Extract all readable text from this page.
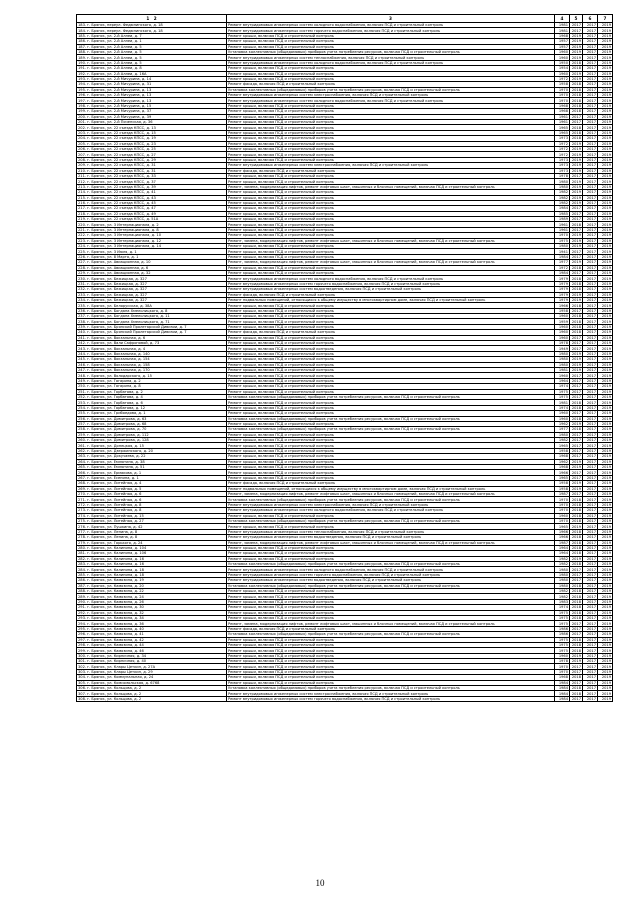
1 2	3	4	5	6	7
183. г. Брянск, переул. Федюнинского, д. 18	Ремонт внутридомовых инженерных систем холодного водоснабжения, включая ПСД и строительный контроль	1981	2017	2017	2019
184. г. Брянск, переул. Федюнинского, д. 18	Ремонт внутридомовых инженерных систем горячего водоснабжения, включая ПСД и строительный контроль	1981	2017	2017	2019
185. г. Брянск, ул. 2-й Аллеи, д. 7	Ремонт крыши, включая ПСД и строительный контроль	1968	2019	2017	2019
186. г. Брянск, ул. 2-й Аллеи, д. 1	Ремонт крыши, включая ПСД и строительный контроль	1957	2019	2017	2019
187. г. Брянск, ул. 2-й Аллеи, д. 5	Ремонт крыши, включая ПСД и строительный контроль	1957	2019	2017	2019
188. г. Брянск, ул. 2-й Аллеи, д. 5	Установка коллективных (общедомовых) приборов учета потребления ресурсов, включая ПСД и строительный контроль	1960	2019	2017	2019
189. г. Брянск, ул. 2-й Аллеи, д. 5	Ремонт внутридомовых инженерных систем теплоснабжения, включая ПСД и строительный контроль	1960	2019	2017	2019
190. г. Брянск, ул. 2-й Аллеи, д. 5	Ремонт внутридомовых инженерных систем холодного водоснабжения, включая ПСД и строительный контроль	1950	2018	2017	2019
191. г. Брянск, ул. 2-й Аллеи, д. 8	Ремонт крыши, включая ПСД и строительный контроль	1954	2018	2017	2019
192. г. Брянск, ул. 2-й Аллеи, д. 16А	Ремонт крыши, включая ПСД и строительный контроль	1960	2019	2017	2019
193. г. Брянск, ул. 2-й Мичурина, д. 14	Ремонт крыши, включая ПСД и строительный контроль	1972	2019	2017	2019
194. г. Брянск, ул. 2-й Мичурина, д. 31	Ремонт фасада, включая ПСД и строительный контроль	1958	2018	2017	2019
195. г. Брянск, ул. 2-й Мичурина, д. 13	Установка коллективных (общедомовых) приборов учета потребления ресурсов, включая ПСД и строительный контроль	1970	2018	2017	2019
196. г. Брянск, ул. 2-й Мичурина, д. 13	Ремонт внутридомовых инженерных систем электроснабжения, включая ПСД и строительный контроль	1970	2018	2017	2019
197. г. Брянск, ул. 2-й Мичурина, д. 13	Ремонт внутридомовых инженерных систем холодного водоснабжения, включая ПСД и строительный контроль	1970	2018	2017	2019
198. г. Брянск, ул. 2-й Мичурина, д. 15	Ремонт крыши, включая ПСД и строительный контроль	1968	2018	2017	2019
199. г. Брянск, ул. 2-й Мичурина, д. 37	Ремонт крыши, включая ПСД и строительный контроль	1968	2018	2017	2019
200. г. Брянск, ул. 2-й Мичурина, д. 39	Ремонт крыши, включая ПСД и строительный контроль	1961	2017	2017	2019
201. г. Брянск, ул. 2-й Почепская, д. 36	Ремонт крыши, включая ПСД и строительный контроль	1961	2017	2017	2019
202. г. Брянск, ул. 22 съезда КПСС, д. 13	Ремонт крыши, включая ПСД и строительный контроль	1965	2018	2017	2019
203. г. Брянск, ул. 22 съезда КПСС, д. 15	Ремонт крыши, включая ПСД и строительный контроль	1965	2018	2017	2019
204. г. Брянск, ул. 22 съезда КПСС, д. 19	Ремонт крыши, включая ПСД и строительный контроль	1973	2018	2017	2019
205. г. Брянск, ул. 22 съезда КПСС, д. 23	Ремонт крыши, включая ПСД и строительный контроль	1972	2019	2017	2019
206. г. Брянск, ул. 22 съезда КПСС, д. 25	Ремонт крыши, включая ПСД и строительный контроль	1972	2019	2017	2019
207. г. Брянск, ул. 22 съезда КПСС, д. 27	Ремонт крыши, включая ПСД и строительный контроль	1972	2019	2017	2019
208. г. Брянск, ул. 22 съезда КПСС, д. 29	Ремонт крыши, включая ПСД и строительный контроль	1973	2019	2017	2019
209. г. Брянск, ул. 22 съезда КПСС, д. 31	Ремонт внутридомовых инженерных систем электроснабжения, включая ПСД и строительный контроль	1973	2019	2017	2019
210. г. Брянск, ул. 22 съезда КПСС, д. 31	Ремонт фасада, включая ПСД и строительный контроль	1973	2019	2017	2019
211. г. Брянск, ул. 22 съезда КПСС, д. 33	Ремонт крыши, включая ПСД и строительный контроль	1978	2017	2017	2019
212. г. Брянск, ул. 22 съезда КПСС, д. 37	Ремонт крыши, включая ПСД и строительный контроль	1980	2019	2017	2019
213. г. Брянск, ул. 22 съезда КПСС, д. 39	Ремонт, замена, модернизация лифтов, ремонт лифтовых шахт, машинных и блочных помещений, включая ПСД и строительный контроль	1980	2019	2017	2019
214. г. Брянск, ул. 22 съезда КПСС, д. 41	Ремонт крыши, включая ПСД и строительный контроль	1982	2019	2017	2019
215. г. Брянск, ул. 22 съезда КПСС, д. 43	Ремонт крыши, включая ПСД и строительный контроль	1982	2019	2017	2019
216. г. Брянск, ул. 22 съезда КПСС, д. 45	Ремонт крыши, включая ПСД и строительный контроль	1982	2019	2017	2019
217. г. Брянск, ул. 22 съезда КПСС, д. 47	Ремонт крыши, включая ПСД и строительный контроль	1984	2017	2017	2019
218. г. Брянск, ул. 22 съезда КПСС, д. 49	Ремонт крыши, включая ПСД и строительный контроль	1985	2017	2017	2019
219. г. Брянск, ул. 22 съезда КПСС, д. 51А	Ремонт крыши, включая ПСД и строительный контроль	1989	2017	2017	2019
220. г. Брянск, ул. 3 Интернационала, д. 2	Ремонт крыши, включая ПСД и строительный контроль	1961	2018	2017	2019
221. г. Брянск, ул. 3 Интернационала, д. 8	Ремонт крыши, включая ПСД и строительный контроль	1961	2017	2017	2019
222. г. Брянск, ул. 3 Интернационала, д. 10	Ремонт крыши, включая ПСД и строительный контроль	1970	2019	2017	2019
223. г. Брянск, ул. 3 Интернационала, д. 12	Ремонт, замена, модернизация лифтов, ремонт лифтовых шахт, машинных и блочных помещений, включая ПСД и строительный контроль	1975	2019	2017	2019
224. г. Брянск, ул. 3 Интернационала, д. 14	Ремонт крыши, включая ПСД и строительный контроль	1980	2019	2017	2019
225. г. Брянск, ул. 3 Июля, д. 1	Ремонт крыши, включая ПСД и строительный контроль	1941	2017	2017	2019
226. г. Брянск, ул. 8 Марта, д. 1	Ремонт крыши, включая ПСД и строительный контроль	1984	2017	2017	2019
227. г. Брянск, ул. Авиационная, д. 10	Ремонт, замена, модернизация лифтов, ремонт лифтовых шахт, машинных и блочных помещений, включая ПСД и строительный контроль	1977	2019	2017	2019
228. г. Брянск, ул. Авиационная, д. 6	Ремонт крыши, включая ПСД и строительный контроль	1972	2018	2017	2019
229. г. Брянск, ул. Авиационная, д. 32	Ремонт крыши, включая ПСД и строительный контроль	1984	2017	2017	2019
230. г. Брянск, ул. Бежицкая, д. 327	Ремонт внутридомовых инженерных систем холодного водоснабжения, включая ПСД и строительный контроль	1979	2018	2017	2019
231. г. Брянск, ул. Бежицкая, д. 327	Ремонт внутридомовых инженерных систем горячего водоснабжения, включая ПСД и строительный контроль	1979	2018	2017	2019
232. г. Брянск, ул. Бежицкая, д. 327	Ремонт внутридомовых инженерных систем водоотведения, включая ПСД и строительный контроль	1979	2018	2017	2019
233. г. Брянск, ул. Бежицкая, д. 327	Ремонт фасада, включая ПСД и строительный контроль	1979	2019	2017	2019
234. г. Брянск, ул. Бежицкая, д. 327	Ремонт подвальных помещений, относящихся к общему имуществу в многоквартирном доме, включая ПСД и строительный контроль	1979	2019	2017	2019
235. г. Брянск, ул. Белорусская, д. 38А	Ремонт крыши, включая ПСД и строительный контроль	1966	2018	2017	2019
236. г. Брянск, ул. Богдана Хмельницкого, д. 8	Ремонт крыши, включая ПСД и строительный контроль	1958	2017	2017	2019
237. г. Брянск, ул. Богдана Хмельницкого, д. 11	Ремонт крыши, включая ПСД и строительный контроль	1960	2018	2017	2019
238. г. Брянск, ул. Богдана Хмельницкого, д. 71	Ремонт крыши, включая ПСД и строительный контроль	1959	2018	2017	2019
239. г. Брянск, ул. Брянский Пролетарской Дивизии, д. 7	Ремонт крыши, включая ПСД и строительный контроль	1960	2018	2017	2019
240. г. Брянск, ул. Брянский Пролетарской Дивизии, д. 7	Ремонт фасада, включая ПСД и строительный контроль	1960	2018	2017	2019
241. г. Брянск, ул. Вокзальная, д. 6	Ремонт крыши, включая ПСД и строительный контроль	1960	2017	2017	2019
242. г. Брянск, ул. Вали Сафроновой, д. 73	Ремонт крыши, включая ПСД и строительный контроль	1978	2017	2017	2019
243. г. Брянск, ул. Вокзальная, д. 4	Ремонт крыши, включая ПСД и строительный контроль	1949	2017	2017	2019
244. г. Брянск, ул. Вокзальная, д. 140	Ремонт крыши, включая ПСД и строительный контроль	1980	2019	2017	2019
245. г. Брянск, ул. Вокзальная, д. 154	Ремонт крыши, включая ПСД и строительный контроль	1980	2019	2017	2019
246. г. Брянск, ул. Вокзальная, д. 158	Ремонт крыши, включая ПСД и строительный контроль	1980	2019	2017	2019
247. г. Брянск, ул. Вокзальная, д. 170	Ремонт крыши, включая ПСД и строительный контроль	1981	2019	2017	2019
248. г. Брянск, ул. Володарского, д. 15	Ремонт крыши, включая ПСД и строительный контроль	1960	2017	2017	2019
249. г. Брянск, ул. Гагарина, д. 2	Ремонт крыши, включая ПСД и строительный контроль	1964	2017	2017	2019
250. г. Брянск, ул. Гагарина, д. 8	Ремонт крыши, включая ПСД и строительный контроль	1974	2017	2017	2019
251. г. Брянск, ул. Горбатова, д. 2	Ремонт крыши, включая ПСД и строительный контроль	1975	2017	2017	2019
252. г. Брянск, ул. Горбатова, д. 4	Установка коллективных (общедомовых) приборов учета потребления ресурсов, включая ПСД и строительный контроль	1975	2017	2017	2019
253. г. Брянск, ул. Горбатова, д. 6	Ремонт крыши, включая ПСД и строительный контроль	1981	2018	2017	2019
254. г. Брянск, ул. Горбатова, д. 12	Ремонт крыши, включая ПСД и строительный контроль	1974	2018	2017	2019
255. г. Брянск, ул. Грибоедова, д. 1	Ремонт крыши, включая ПСД и строительный контроль	1960	2017	2017	2019
256. г. Брянск, ул. Димитрова, д. 63	Установка коллективных (общедомовых) приборов учета потребления ресурсов, включая ПСД и строительный контроль	1960	2018	2017	2019
257. г. Брянск, ул. Димитрова, д. 68	Ремонт крыши, включая ПСД и строительный контроль	1962	2019	2017	2019
258. г. Брянск, ул. Димитрова, д. 70	Установка коллективных (общедомовых) приборов учета потребления ресурсов, включая ПСД и строительный контроль	1977	2018	2017	2019
259. г. Брянск, ул. Димитрова, д. 112	Ремонт крыши, включая ПСД и строительный контроль	1980	2017	2017	2019
260. г. Брянск, ул. Димитрова, д. 128	Ремонт крыши, включая ПСД и строительный контроль	1982	2017	2017	2019
261. г. Брянск, ул. Донецкая, д. 15	Ремонт крыши, включая ПСД и строительный контроль	1965	2017	2017	2019
262. г. Брянск, ул. Дзержинского, д. 20	Ремонт крыши, включая ПСД и строительный контроль	1958	2017	2017	2019
263. г. Брянск, ул. Докучаева, д. 22	Ремонт крыши, включая ПСД и строительный контроль	1968	2017	2017	2019
264. г. Брянск, ул. Емлютина, д. 38	Ремонт крыши, включая ПСД и строительный контроль	1962	2019	2017	2019
265. г. Брянск, ул. Емлютина, д. 51	Ремонт крыши, включая ПСД и строительный контроль	1968	2019	2017	2019
266. г. Брянск, ул. Ермакова, д. 1	Ремонт крыши, включая ПСД и строительный контроль	1966	2017	2017	2019
267. г. Брянск, ул. Есенина, д. 1	Ремонт крыши, включая ПСД и строительный контроль	1965	2017	2017	2019
268. г. Брянск, ул. Литейная, д. 4	Ремонт фасада, включая ПСД и строительный контроль	1958	2019	2017	2019
269. г. Брянск, ул. Литейная, д. 5	Ремонт подвальных помещений, относящихся к общему имуществу в многоквартирном доме, включая ПСД и строительный контроль	1958	2019	2017	2019
270. г. Брянск, ул. Литейная, д. 6	Ремонт, замена, модернизация лифтов, ремонт лифтовых шахт, машинных и блочных помещений, включая ПСД и строительный контроль	1987	2017	2017	2019
271. г. Брянск, ул. Литейная, д. 6	Установка коллективных (общедомовых) приборов учета потребления ресурсов, включая ПСД и строительный контроль	1970	2018	2017	2019
272. г. Брянск, ул. Литейная, д. 8	Ремонт внутридомовых инженерных систем электроснабжения, включая ПСД и строительный контроль	1970	2018	2017	2019
273. г. Брянск, ул. Литейная, д. 8	Ремонт внутридомовых инженерных систем холодного водоснабжения, включая ПСД и строительный контроль	1970	2018	2017	2019
274. г. Брянск, ул. Литейная, д. 15	Ремонт крыши, включая ПСД и строительный контроль	1960	2018	2017	2019
275. г. Брянск, ул. Литейная, д. 27	Установка коллективных (общедомовых) приборов учета потребления ресурсов, включая ПСД и строительный контроль	1970	2018	2017	2019
276. г. Брянск, ул. Пушкина, д. 42	Ремонт крыши, включая ПСД и строительный контроль	1965	2019	2017	2019
277. г. Брянск, ул. Ленина, д. 8	Ремонт внутридомовых инженерных систем теплоснабжения, включая ПСД и строительный контроль	1966	2018	2017	2019
278. г. Брянск, ул. Ленина, д. 8	Ремонт внутридомовых инженерных систем водоотведения, включая ПСД и строительный контроль	1966	2018	2017	2019
279. г. Брянск, ул. Горького, д. 24	Ремонт, замена, модернизация лифтов, ремонт лифтовых шахт, машинных и блочных помещений, включая ПСД и строительный контроль	1987	2018	2017	2019
280. г. Брянск, ул. Калинина, д. 104	Ремонт крыши, включая ПСД и строительный контроль	1964	2018	2017	2019
281. г. Брянск, ул. Калинина, д. 106	Ремонт крыши, включая ПСД и строительный контроль	1964	2018	2017	2019
282. г. Брянск, ул. Калинина, д. 16	Ремонт крыши, включая ПСД и строительный контроль	1982	2019	2017	2019
283. г. Брянск, ул. Калинина, д. 16	Установка коллективных (общедомовых) приборов учета потребления ресурсов, включая ПСД и строительный контроль	1982	2018	2017	2019
284. г. Брянск, ул. Калинина, д. 18	Ремонт внутридомовых инженерных систем холодного водоснабжения, включая ПСД и строительный контроль	1980	2017	2017	2019
285. г. Брянск, ул. Калинина, д. 18	Ремонт внутридомовых инженерных систем горячего водоснабжения, включая ПСД и строительный контроль	1980	2017	2017	2019
286. г. Брянск, ул. Камозина, д. 19	Ремонт внутридомовых инженерных систем водоотведения, включая ПСД и строительный контроль	1980	2017	2017	2019
287. г. Брянск, ул. Камозина, д. 20	Установка коллективных (общедомовых) приборов учета потребления ресурсов, включая ПСД и строительный контроль	1980	2018	2017	2019
288. г. Брянск, ул. Камозина, д. 22	Ремонт крыши, включая ПСД и строительный контроль	1982	2018	2017	2019
289. г. Брянск, ул. Камозина, д. 24	Ремонт крыши, включая ПСД и строительный контроль	1982	2018	2017	2019
290. г. Брянск, ул. Камозина, д. 26	Ремонт крыши, включая ПСД и строительный контроль	1983	2018	2017	2019
291. г. Брянск, ул. Камозина, д. 30	Ремонт крыши, включая ПСД и строительный контроль	1974	2018	2017	2019
292. г. Брянск, ул. Камозина, д. 32	Ремонт крыши, включая ПСД и строительный контроль	1975	2018	2017	2019
293. г. Брянск, ул. Камозина, д. 34	Ремонт крыши, включая ПСД и строительный контроль	1975	2018	2017	2019
294. г. Брянск, ул. Камозина, д. 36	Ремонт, замена, модернизация лифтов, ремонт лифтовых шахт, машинных и блочных помещений, включая ПСД и строительный контроль	1975	2017	2017	2019
295. г. Брянск, ул. Камозина, д. 40	Ремонт фасада, включая ПСД и строительный контроль	1986	2017	2017	2019
296. г. Брянск, ул. Камозина, д. 41	Установка коллективных (общедомовых) приборов учета потребления ресурсов, включая ПСД и строительный контроль	1986	2017	2017	2019
297. г. Брянск, ул. Камозина, д. 42	Ремонт крыши, включая ПСД и строительный контроль	1975	2018	2017	2019
298. г. Брянск, ул. Камозина, д. 44	Ремонт крыши, включая ПСД и строительный контроль	1975	2018	2017	2019
299. г. Брянск, ул. Камозина, д. 46	Ремонт крыши, включая ПСД и строительный контроль	1975	2018	2017	2019
300. г. Брянск, ул. Кирпичная, д. 34	Ремонт крыши, включая ПСД и строительный контроль	1960	2019	2017	2019
301. г. Брянск, ул. Кирпичная, д. 40	Ремонт крыши, включая ПСД и строительный контроль	1978	2019	2017	2019
302. г. Брянск, ул. Клары Цеткин, д. 27А	Ремонт крыши, включая ПСД и строительный контроль	1970	2017	2017	2019
303. г. Брянск, ул. Клары Цеткин, д. 29	Ремонт крыши, включая ПСД и строительный контроль	1970	2017	2017	2019
304. г. Брянск, ул. Коммунальная, д. 24	Ремонт крыши, включая ПСД и строительный контроль	1968	2018	2017	2019
305. г. Брянск, ул. Комсомольская, д. 6768	Ремонт крыши, включая ПСД и строительный контроль	1984	2017	2017	2019
306. г. Брянск, ул. Кольцова, д. 2	Установка коллективных (общедомовых) приборов учета потребления ресурсов, включая ПСД и строительный контроль	1984	2018	2017	2019
307. г. Брянск, ул. Кольцова, д. 2	Ремонт внутридомовых инженерных систем электроснабжения, включая ПСД и строительный контроль	1984	2018	2017	2019
308. г. Брянск, ул. Кольцова, д. 2	Ремонт внутридомовых инженерных систем горячего водоснабжения, включая ПСД и строительный контроль	1984	2017	2017	2019
10
